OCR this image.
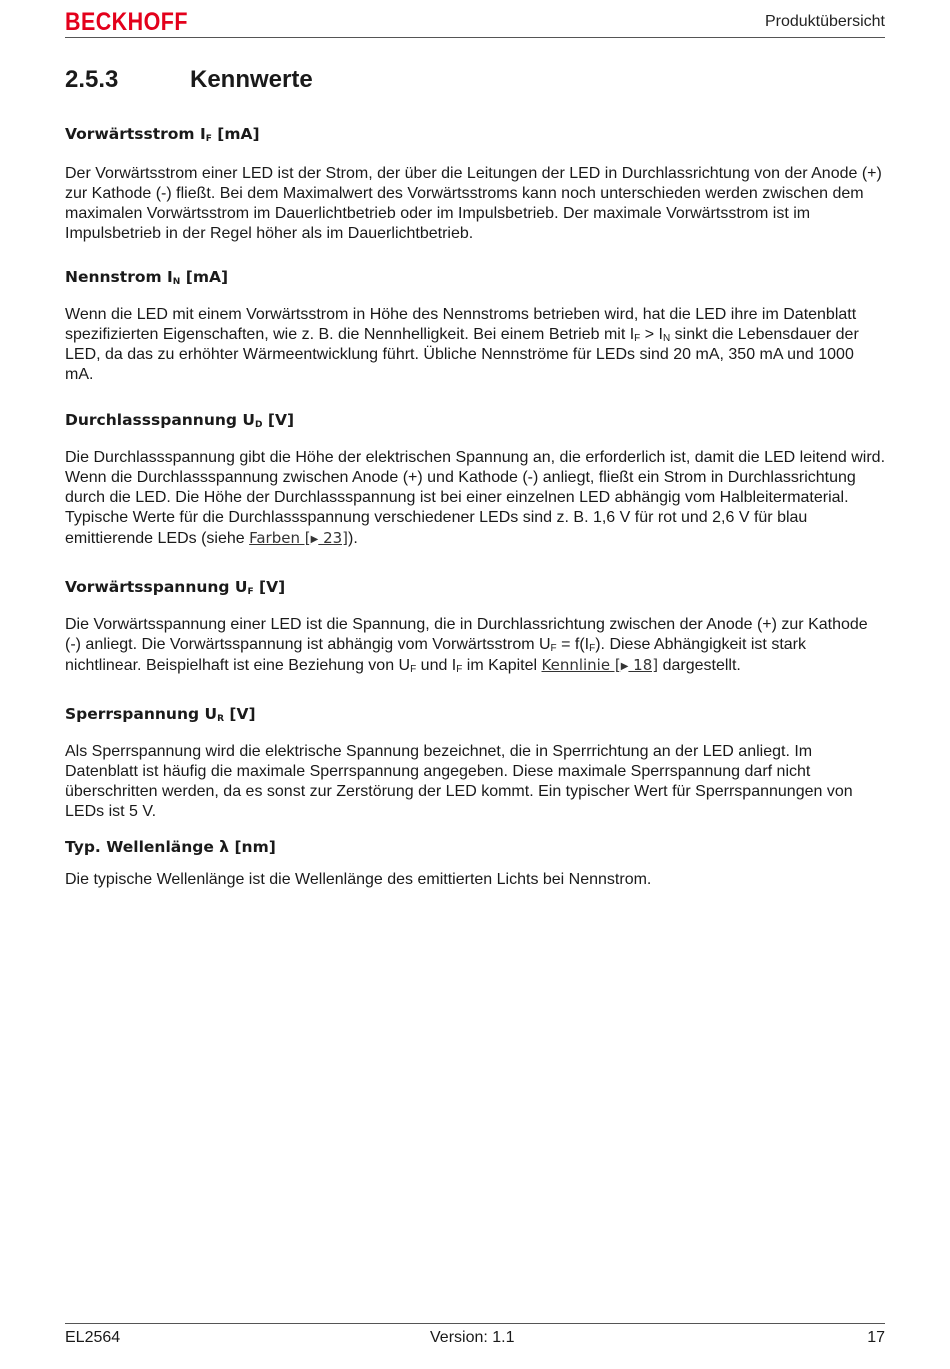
BECKHOFF	Produktübersicht
2.5.3	Kennwerte
Vorwärtsstrom $I_F$ [mA]

Der Vorwärtsstrom einer LED ist der Strom, der über die Leitungen der LED in Durchlassrichtung von der Anode (+) zur Kathode (-) fließt. Bei dem Maximalwert des Vorwärtsstroms kann noch unterschieden werden zwischen dem maximalen Vorwärtsstrom im Dauerlichtbetrieb oder im Impulsbetrieb. Der maximale Vorwärtsstrom ist im Impulsbetrieb in der Regel höher als im Dauerlichtbetrieb.

Nennstrom $I_N$ [mA]

Wenn die LED mit einem Vorwärtsstrom in Höhe des Nennstroms betrieben wird, hat die LED ihre im Datenblatt spezifizierten Eigenschaften, wie z. B. die Nennhelligkeit. Bei einem Betrieb mit $I_F > I_N$ sinkt die Lebensdauer der LED, da das zu erhöhter Wärmeentwicklung führt. Übliche Nennströme für LEDs sind 20 mA, 350 mA und 1000 mA.

Durchlassspannung $U_D$ [V]

Die Durchlassspannung gibt die Höhe der elektrischen Spannung an, die erforderlich ist, damit die LED leitend wird. Wenn die Durchlassspannung zwischen Anode (+) und Kathode (-) anliegt, fließt ein Strom in Durchlassrichtung durch die LED. Die Höhe der Durchlassspannung ist bei einer einzelnen LED abhängig vom Halbleitermaterial. Typische Werte für die Durchlassspannung verschiedener LEDs sind z. B. 1,6 V für rot und 2,6 V für blau emittierende LEDs (siehe Farben [▶ 23]).

Vorwärtsspannung $U_F$ [V]

Die Vorwärtsspannung einer LED ist die Spannung, die in Durchlassrichtung zwischen der Anode (+) zur Kathode (-) anliegt. Die Vorwärtsspannung ist abhängig vom Vorwärtsstrom $U_F = f(I_F)$. Diese Abhängigkeit ist stark nichtlinear. Beispielhaft ist eine Beziehung von $U_F$ und $I_F$ im Kapitel Kennlinie [▶ 18] dargestellt.

Sperrspannung $U_R$ [V]

Als Sperrspannung wird die elektrische Spannung bezeichnet, die in Sperrrichtung an der LED anliegt. Im Datenblatt ist häufig die maximale Sperrspannung angegeben. Diese maximale Sperrspannung darf nicht überschritten werden, da es sonst zur Zerstörung der LED kommt. Ein typischer Wert für Sperrspannungen von LEDs ist 5 V.

Typ. Wellenlänge λ [nm]

Die typische Wellenlänge ist die Wellenlänge des emittierten Lichts bei Nennstrom.

EL2564	Version: 1.1	17
